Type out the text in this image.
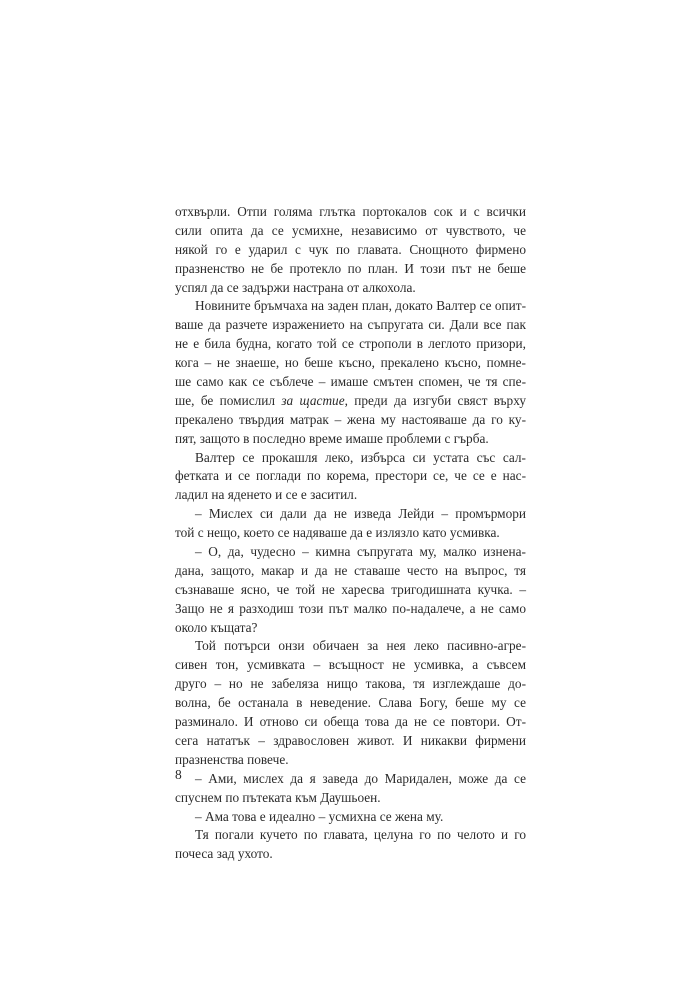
отхвърли. Отпи голяма глътка портокалов сок и с всички
сили опита да се усмихне, независимо от чувството, че
някой го е ударил с чук по главата. Снощното фирмено
празненство не бе протекло по план. И този път не беше
успял да се задържи настрана от алкохола.
Новините бръмчаха на заден план, докато Валтер се опит-
ваше да разчете изражението на съпругата си. Дали все пак
не е била будна, когато той се строполи в леглото призори,
кога – не знаеше, но беше късно, прекалено късно, помне-
ше само как се съблече – имаше смътен спомен, че тя спе-
ше, бе помислил за щастие, преди да изгуби свяст върху
прекалено твърдия матрак – жена му настояваше да го ку-
пят, защото в последно време имаше проблеми с гърба.
Валтер се прокашля леко, избърса си устата със сал-
фетката и се поглади по корема, престори се, че се е нас-
ладил на яденето и се е заситил.
– Мислех си дали да не изведа Лейди – промърмори
той с нещо, което се надяваше да е излязло като усмивка.
– О, да, чудесно – кимна съпругата му, малко изнена-
дана, защото, макар и да не ставаше често на въпрос, тя
съзнаваше ясно, че той не харесва тригодишната кучка. –
Защо не я разходиш този път малко по-надалече, а не само
около къщата?
Той потърси онзи обичаен за нея леко пасивно-агре-
сивен тон, усмивката – всъщност не усмивка, а съвсем
друго – но не забеляза нищо такова, тя изглеждаше до-
волна, бе останала в неведение. Слава Богу, беше му се
разминало. И отново си обеща това да не се повтори. От-
сега нататък – здравословен живот. И никакви фирмени
празненства повече.
– Ами, мислех да я заведа до Маридален, може да се
спуснем по пътеката към Даушьоен.
– Ама това е идеално – усмихна се жена му.
Тя погали кучето по главата, целуна го по челото и го
почеса зад ухото.
8
